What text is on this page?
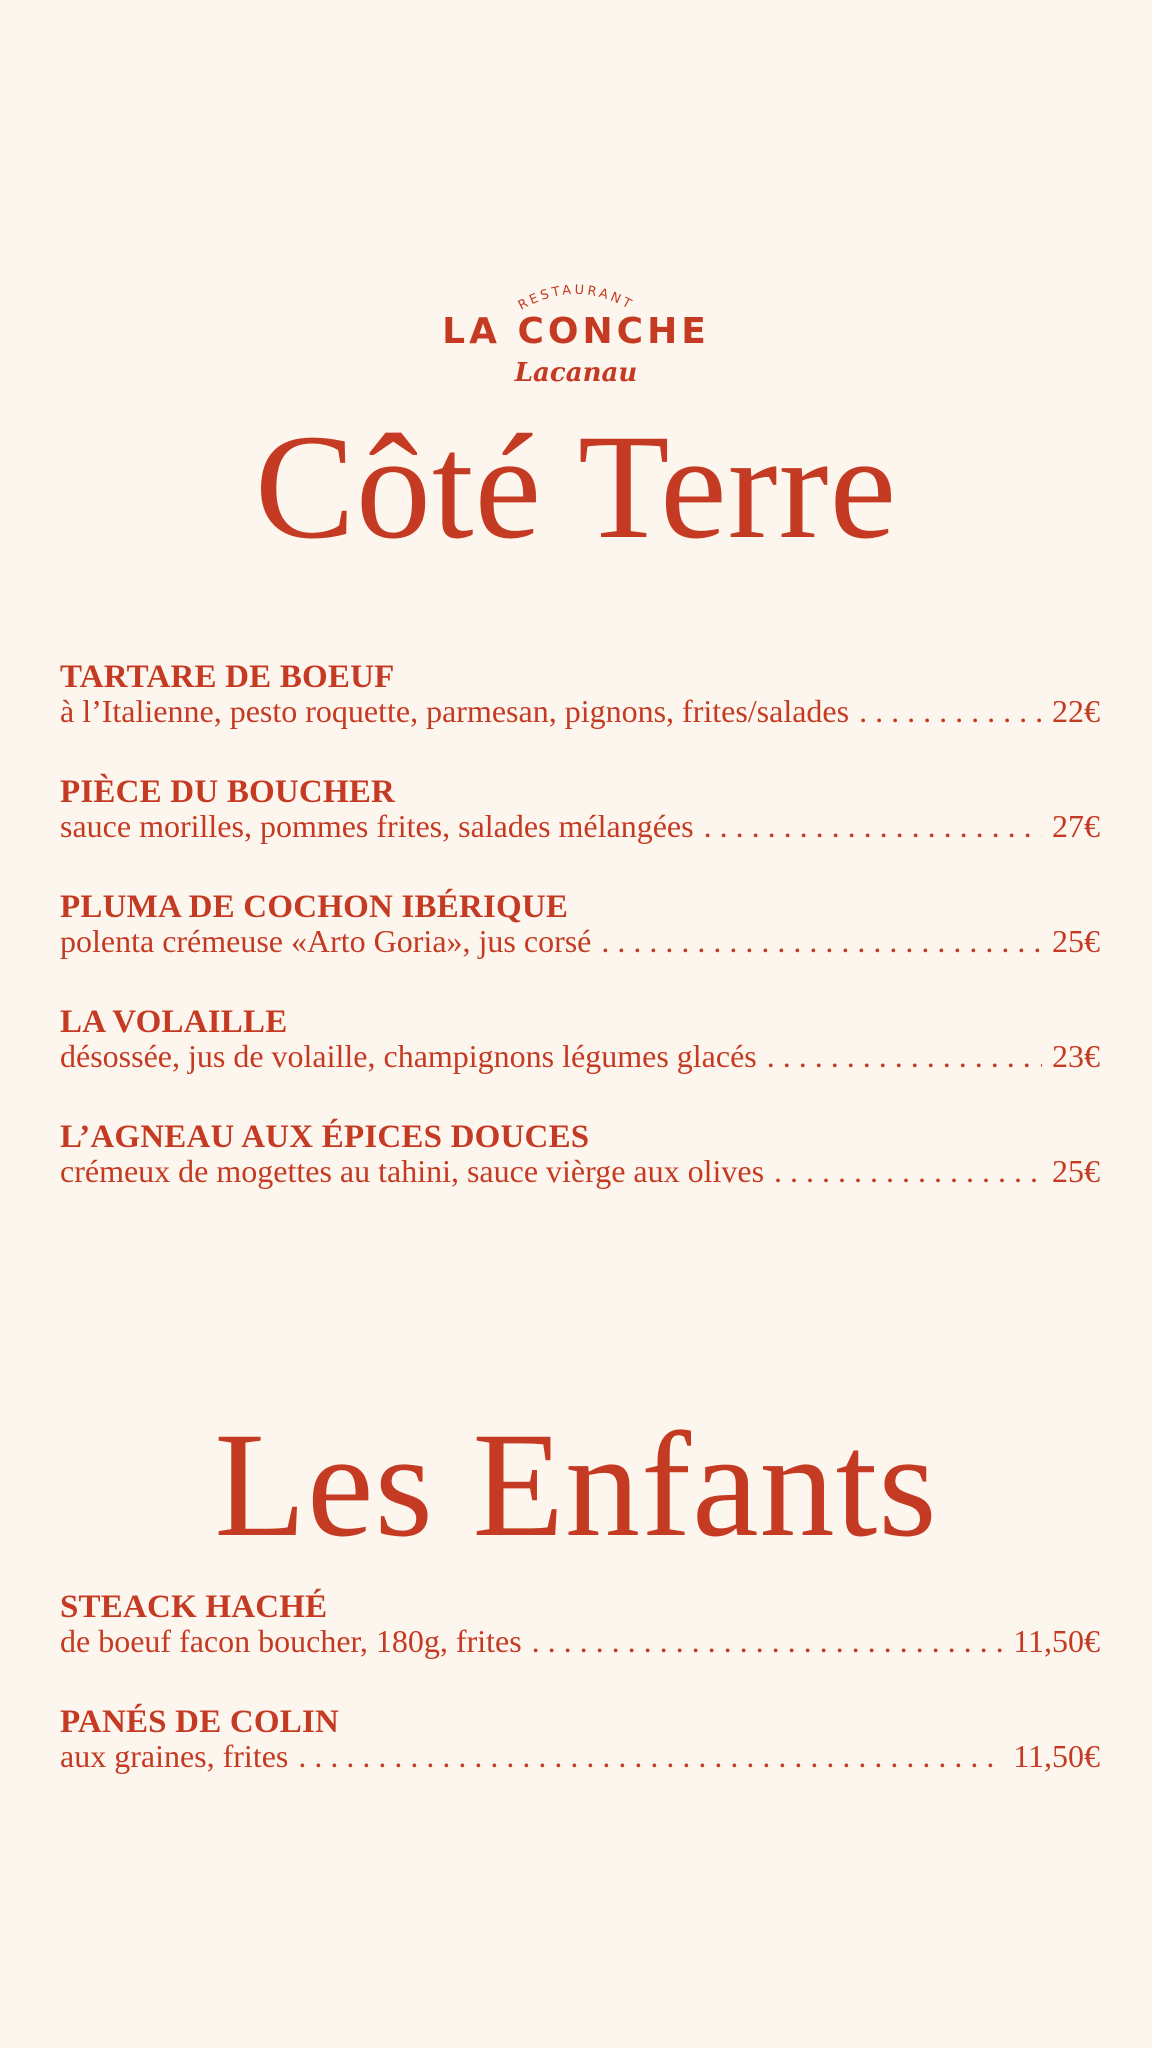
RESTAURANT
LA CONCHE
Lacanau
Côté Terre
TARTARE DE BOEUF
à l’Italienne, pesto roquette, parmesan, pignons, frites/salades . . .	22€
PIÈCE DU BOUCHER
sauce morilles, pommes frites, salades mélangées . . .	27€
PLUMA DE COCHON IBÉRIQUE
polenta crémeuse «Arto Goria», jus corsé . . .	25€
LA VOLAILLE
désossée, jus de volaille, champignons légumes glacés . . .	23€
L’AGNEAU AUX ÉPICES DOUCES
crémeux de mogettes au tahini, sauce vièrge aux olives . . .	25€
Les Enfants
STEACK HACHÉ
de boeuf facon boucher, 180g, frites . . .	11,50€
PANÉS DE COLIN
aux graines, frites . . .	11,50€
